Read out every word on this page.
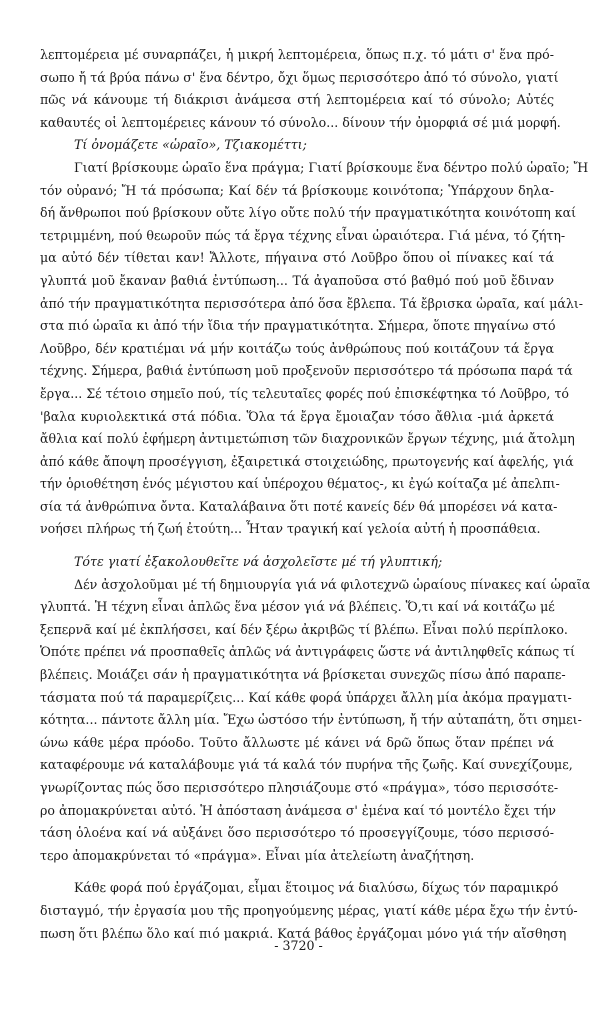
λεπτομέρεια μέ συναρπάζει, ἡ μικρή λεπτομέρεια, ὅπως π.χ. τό μάτι σ' ἕνα πρό-
σωπο ἤ τά βρύα πάνω σ' ἕνα δέντρο, ὄχι ὅμως περισσότερο ἀπό τό σύνολο, γιατί
πῶς νά κάνουμε τή διάκρισι ἀνάμεσα στή λεπτομέρεια καί τό σύνολο; Αὐτές
καθαυτές οἱ λεπτομέρειες κάνουν τό σύνολο... δίνουν τήν ὀμορφιά σέ μιά μορφή.
Τί ὀνομάζετε «ὡραῖο», Τζιακομέττι;
Γιατί βρίσκουμε ὡραῖο ἕνα πράγμα; Γιατί βρίσκουμε ἕνα δέντρο πολύ ὡραῖο; Ἤ
τόν οὐρανό; Ἤ τά πρόσωπα; Καί δέν τά βρίσκουμε κοινότοπα; Ὑπάρχουν δηλα-
δή ἄνθρωποι πού βρίσκουν οὔτε λίγο οὔτε πολύ τήν πραγματικότητα κοινότοπη καί
τετριμμένη, πού θεωροῦν πώς τά ἔργα τέχνης εἶναι ὡραιότερα. Γιά μένα, τό ζήτη-
μα αὐτό δέν τίθεται καν! Ἄλλοτε, πήγαινα στό Λοῦβρο ὅπου οἱ πίνακες καί τά
γλυπτά μοῦ ἔκαναν βαθιά ἐντύπωση... Τά ἀγαποῦσα στό βαθμό πού μοῦ ἔδιναν
ἀπό τήν πραγματικότητα περισσότερα ἀπό ὅσα ἔβλεπα. Τά ἔβρισκα ὡραῖα, καί μάλι-
στα πιό ὡραῖα κι ἀπό τήν ἴδια τήν πραγματικότητα. Σήμερα, ὅποτε πηγαίνω στό
Λοῦβρο, δέν κρατιέμαι νά μήν κοιτάζω τούς ἀνθρώπους πού κοιτάζουν τά ἔργα
τέχνης. Σήμερα, βαθιά ἐντύπωση μοῦ προξενοῦν περισσότερο τά πρόσωπα παρά τά
ἔργα... Σέ τέτοιο σημεῖο πού, τίς τελευταῖες φορές πού ἐπισκέφτηκα τό Λοῦβρο, τό
'βαλα κυριολεκτικά στά πόδια. Ὅλα τά ἔργα ἔμοιαζαν τόσο ἄθλια -μιά ἀρκετά
ἄθλια καί πολύ ἐφήμερη ἀντιμετώπιση τῶν διαχρονικῶν ἔργων τέχνης, μιά ἄτολμη
ἀπό κάθε ἄποψη προσέγγιση, ἐξαιρετικά στοιχειώδης, πρωτογενής καί ἀφελής, γιά
τήν ὁριοθέτηση ἑνός μέγιστου καί ὑπέροχου θέματος-, κι ἐγώ κοίταζα μέ ἀπελπι-
σία τά ἀνθρώπινα ὄντα. Καταλάβαινα ὅτι ποτέ κανείς δέν θά μπορέσει νά κατα-
νοήσει πλήρως τή ζωή ἐτούτη... Ἦταν τραγική καί γελοία αὐτή ἡ προσπάθεια.
Τότε γιατί ἐξακολουθεῖτε νά ἀσχολεῖστε μέ τή γλυπτική;
Δέν ἀσχολοῦμαι μέ τή δημιουργία γιά νά φιλοτεχνῶ ὡραίους πίνακες καί ὡραῖα
γλυπτά. Ἡ τέχνη εἶναι ἁπλῶς ἕνα μέσον γιά νά βλέπεις. Ὅ,τι καί νά κοιτάζω μέ
ξεπερνᾶ καί μέ ἐκπλήσσει, καί δέν ξέρω ἀκριβῶς τί βλέπω. Εἶναι πολύ περίπλοκο.
Ὁπότε πρέπει νά προσπαθεῖς ἁπλῶς νά ἀντιγράφεις ὥστε νά ἀντιληφθεῖς κάπως τί
βλέπεις. Μοιάζει σάν ἡ πραγματικότητα νά βρίσκεται συνεχῶς πίσω ἀπό παραπε-
τάσματα πού τά παραμερίζεις... Καί κάθε φορά ὑπάρχει ἄλλη μία ἀκόμα πραγματι-
κότητα... πάντοτε ἄλλη μία. Ἔχω ὡστόσο τήν ἐντύπωση, ἤ τήν αὐταπάτη, ὅτι σημει-
ώνω κάθε μέρα πρόοδο. Τοῦτο ἄλλωστε μέ κάνει νά δρῶ ὅπως ὅταν πρέπει νά
καταφέρουμε νά καταλάβουμε γιά τά καλά τόν πυρήνα τῆς ζωῆς. Καί συνεχίζουμε,
γνωρίζοντας πώς ὅσο περισσότερο πλησιάζουμε στό «πράγμα», τόσο περισσότε-
ρο ἀπομακρύνεται αὐτό. Ἡ ἀπόσταση ἀνάμεσα σ' ἐμένα καί τό μοντέλο ἔχει τήν
τάση ὁλοένα καί νά αὐξάνει ὅσο περισσότερο τό προσεγγίζουμε, τόσο περισσό-
τερο ἀπομακρύνεται τό «πράγμα». Εἶναι μία ἀτελείωτη ἀναζήτηση.
Κάθε φορά πού ἐργάζομαι, εἶμαι ἕτοιμος νά διαλύσω, δίχως τόν παραμικρό
δισταγμό, τήν ἐργασία μου τῆς προηγούμενης μέρας, γιατί κάθε μέρα ἔχω τήν ἐντύ-
πωση ὅτι βλέπω ὅλο καί πιό μακριά. Κατά βάθος ἐργάζομαι μόνο γιά τήν αἴσθηση
- 3720 -
